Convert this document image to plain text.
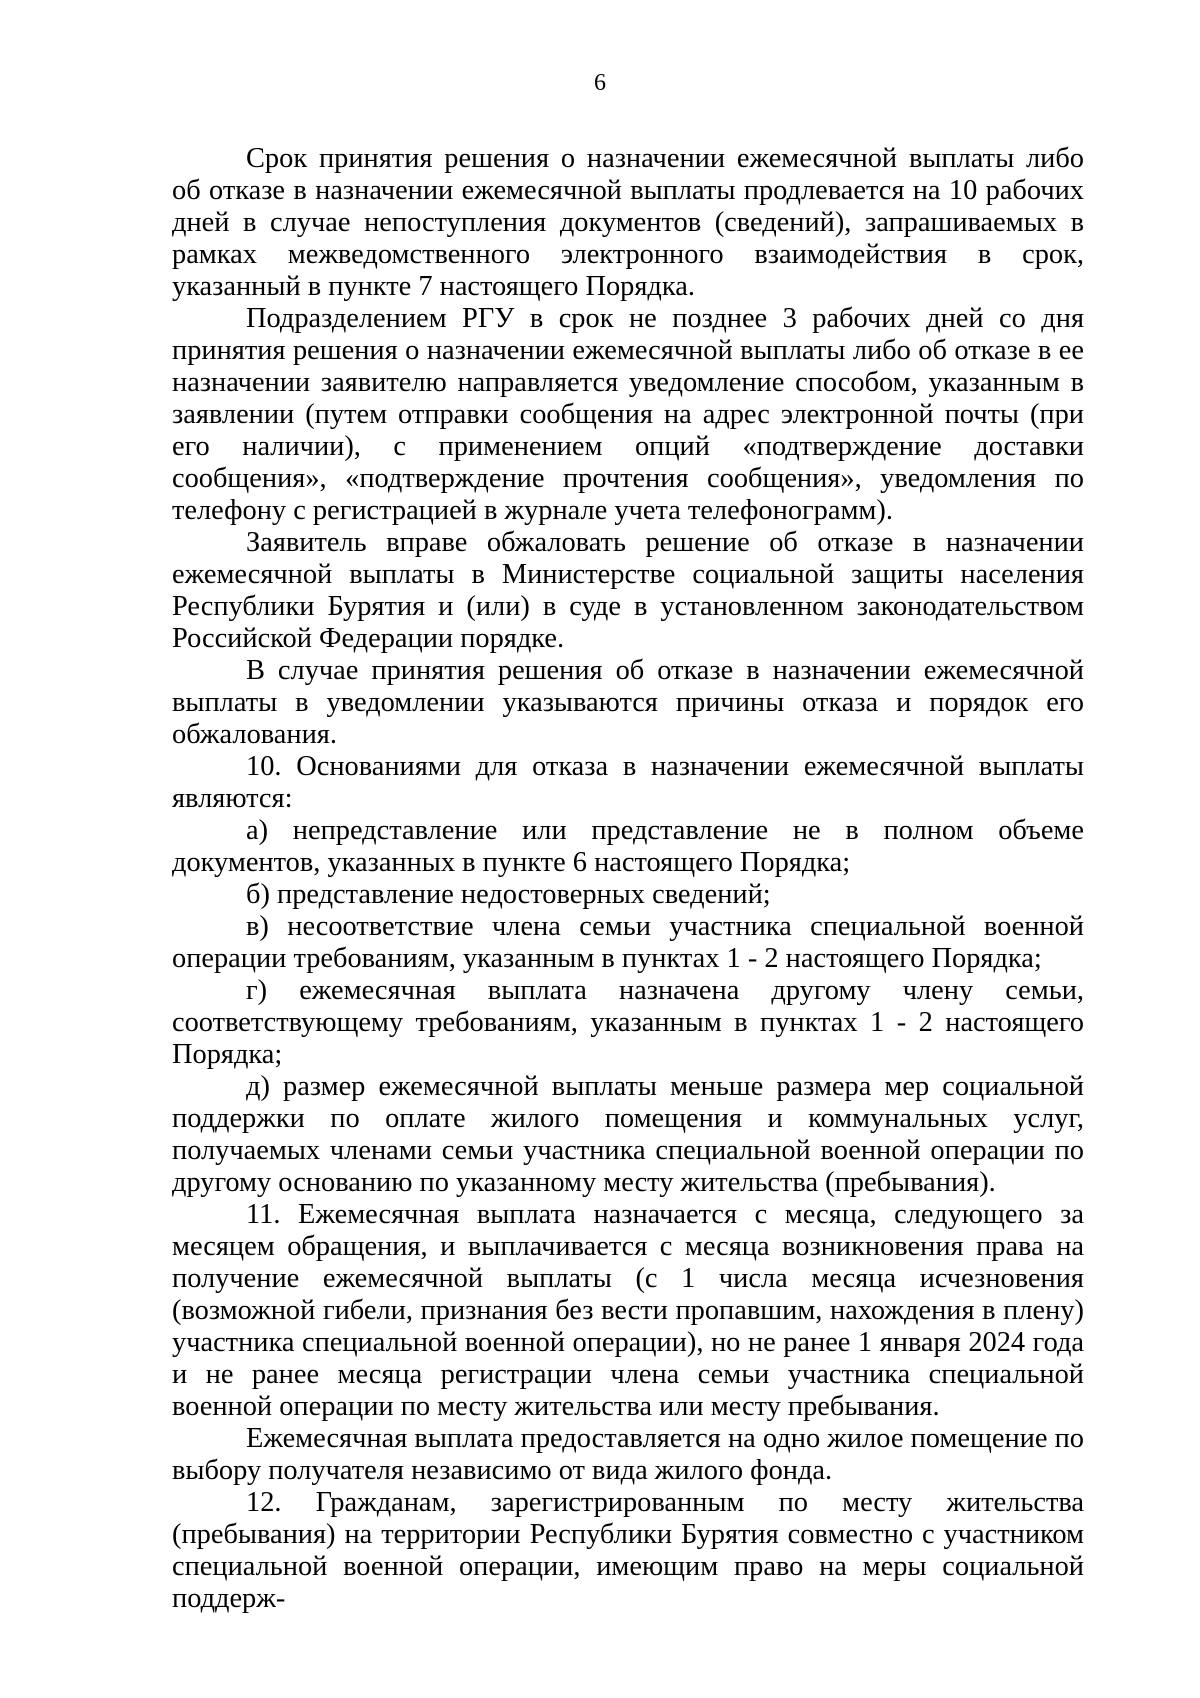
6

Срок принятия решения о назначении ежемесячной выплаты либо об отказе в назначении ежемесячной выплаты продлевается на 10 рабочих дней в случае непоступления документов (сведений), запрашиваемых в рамках межведомственного электронного взаимодействия в срок, указанный в пункте 7 настоящего Порядка.

Подразделением РГУ в срок не позднее 3 рабочих дней со дня принятия решения о назначении ежемесячной выплаты либо об отказе в ее назначении заявителю направляется уведомление способом, указанным в заявлении (путем отправки сообщения на адрес электронной почты (при его наличии), с применением опций «подтверждение доставки сообщения», «подтверждение прочтения сообщения», уведомления по телефону с регистрацией в журнале учета телефонограмм).

Заявитель вправе обжаловать решение об отказе в назначении ежемесячной выплаты в Министерстве социальной защиты населения Республики Бурятия и (или) в суде в установленном законодательством Российской Федерации порядке.

В случае принятия решения об отказе в назначении ежемесячной выплаты в уведомлении указываются причины отказа и порядок его обжалования.

10. Основаниями для отказа в назначении ежемесячной выплаты являются:

а) непредставление или представление не в полном объеме документов, указанных в пункте 6 настоящего Порядка;

б) представление недостоверных сведений;

в) несоответствие члена семьи участника специальной военной операции требованиям, указанным в пунктах 1 - 2 настоящего Порядка;

г) ежемесячная выплата назначена другому члену семьи, соответствующему требованиям, указанным в пунктах 1 - 2 настоящего Порядка;

д) размер ежемесячной выплаты меньше размера мер социальной поддержки по оплате жилого помещения и коммунальных услуг, получаемых членами семьи участника специальной военной операции по другому основанию по указанному месту жительства (пребывания).

11. Ежемесячная выплата назначается с месяца, следующего за месяцем обращения, и выплачивается с месяца возникновения права на получение ежемесячной выплаты (с 1 числа месяца исчезновения (возможной гибели, признания без вести пропавшим, нахождения в плену) участника специальной военной операции), но не ранее 1 января 2024 года и не ранее месяца регистрации члена семьи участника специальной военной операции по месту жительства или месту пребывания.

Ежемесячная выплата предоставляется на одно жилое помещение по выбору получателя независимо от вида жилого фонда.

12. Гражданам, зарегистрированным по месту жительства (пребывания) на территории Республики Бурятия совместно с участником специальной военной операции, имеющим право на меры социальной поддерж-
